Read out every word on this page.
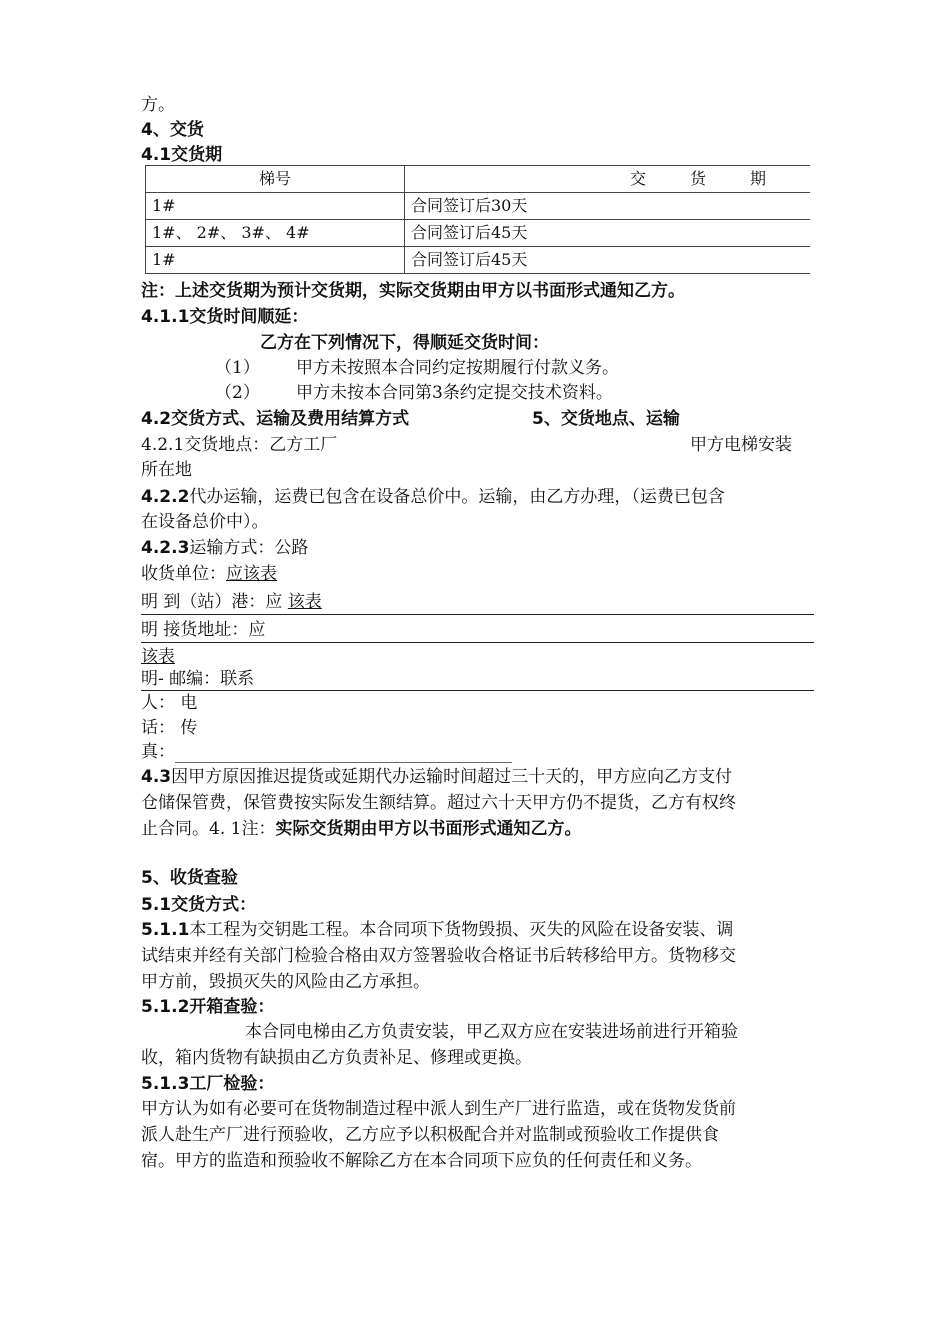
方。
4、交货
4.1交货期
梯号	交货期
1#	合同签订后30天
1#、 2#、 3#、 4#	合同签订后45天
1#	合同签订后45天
注：上述交货期为预计交货期，实际交货期由甲方以书面形式通知乙方。
4.1.1交货时间顺延：
乙方在下列情况下，得顺延交货时间：
（1） 甲方未按照本合同约定按期履行付款义务。
（2） 甲方未按本合同第3条约定提交技术资料。
4.2交货方式、运输及费用结算方式	5、交货地点、运输
4.2.1交货地点：乙方工厂	甲方电梯安装
所在地
4.2.2代办运输，运费已包含在设备总价中。运输，由乙方办理，（运费已包含
在设备总价中）。
4.2.3运输方式：公路
收货单位：应该表
明 到（站）港：应 该表
明 接货地址：应
该表
明- 邮编：联系
人： 电
话： 传
真：
4.3因甲方原因推迟提货或延期代办运输时间超过三十天的，甲方应向乙方支付
仓储保管费，保管费按实际发生额结算。超过六十天甲方仍不提货，乙方有权终
止合同。4. 1注：实际交货期由甲方以书面形式通知乙方。
5、收货查验
5.1交货方式：
5.1.1本工程为交钥匙工程。本合同项下货物毁损、灭失的风险在设备安装、调
试结束并经有关部门检验合格由双方签署验收合格证书后转移给甲方。货物移交
甲方前，毁损灭失的风险由乙方承担。
5.1.2开箱查验：
本合同电梯由乙方负责安装，甲乙双方应在安装进场前进行开箱验
收，箱内货物有缺损由乙方负责补足、修理或更换。
5.1.3工厂检验：
甲方认为如有必要可在货物制造过程中派人到生产厂进行监造，或在货物发货前
派人赴生产厂进行预验收，乙方应予以积极配合并对监制或预验收工作提供食
宿。甲方的监造和预验收不解除乙方在本合同项下应负的任何责任和义务。
